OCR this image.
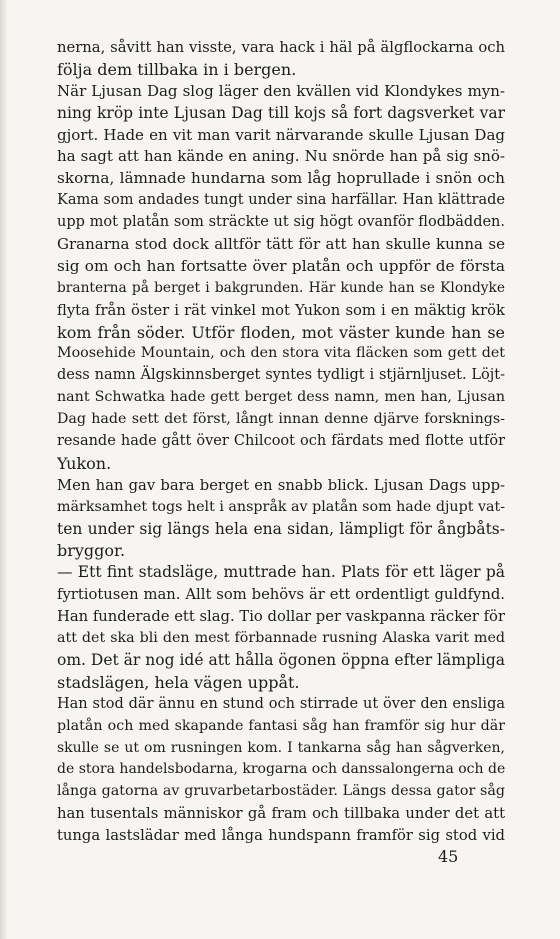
nerna, såvitt han visste, vara hack i häl på älgflockarna och
följa dem tillbaka in i bergen.
När Ljusan Dag slog läger den kvällen vid Klondykes myn-
ning kröp inte Ljusan Dag till kojs så fort dagsverket var
gjort. Hade en vit man varit närvarande skulle Ljusan Dag
ha sagt att han kände en aning. Nu snörde han på sig snö-
skorna, lämnade hundarna som låg hoprullade i snön och
Kama som andades tungt under sina harfällar. Han klättrade
upp mot platån som sträckte ut sig högt ovanför flodbädden.
Granarna stod dock alltför tätt för att han skulle kunna se
sig om och han fortsatte över platån och uppför de första
branterna på berget i bakgrunden. Här kunde han se Klondyke
flyta från öster i rät vinkel mot Yukon som i en mäktig krök
kom från söder. Utför floden, mot väster kunde han se
Moosehide Mountain, och den stora vita fläcken som gett det
dess namn Älgskinnsberget syntes tydligt i stjärnljuset. Löjt-
nant Schwatka hade gett berget dess namn, men han, Ljusan
Dag hade sett det först, långt innan denne djärve forsknings-
resande hade gått över Chilcoot och färdats med flotte utför
Yukon.
Men han gav bara berget en snabb blick. Ljusan Dags upp-
märksamhet togs helt i anspråk av platån som hade djupt vat-
ten under sig längs hela ena sidan, lämpligt för ångbåts-
bryggor.
— Ett fint stadsläge, muttrade han. Plats för ett läger på
fyrtiotusen man. Allt som behövs är ett ordentligt guldfynd.
Han funderade ett slag. Tio dollar per vaskpanna räcker för
att det ska bli den mest förbannade rusning Alaska varit med
om. Det är nog idé att hålla ögonen öppna efter lämpliga
stadslägen, hela vägen uppåt.
Han stod där ännu en stund och stirrade ut över den ensliga
platån och med skapande fantasi såg han framför sig hur där
skulle se ut om rusningen kom. I tankarna såg han sågverken,
de stora handelsbodarna, krogarna och danssalongerna och de
långa gatorna av gruvarbetarbostäder. Längs dessa gator såg
han tusentals människor gå fram och tillbaka under det att
tunga lastslädar med långa hundspann framför sig stod vid
45
